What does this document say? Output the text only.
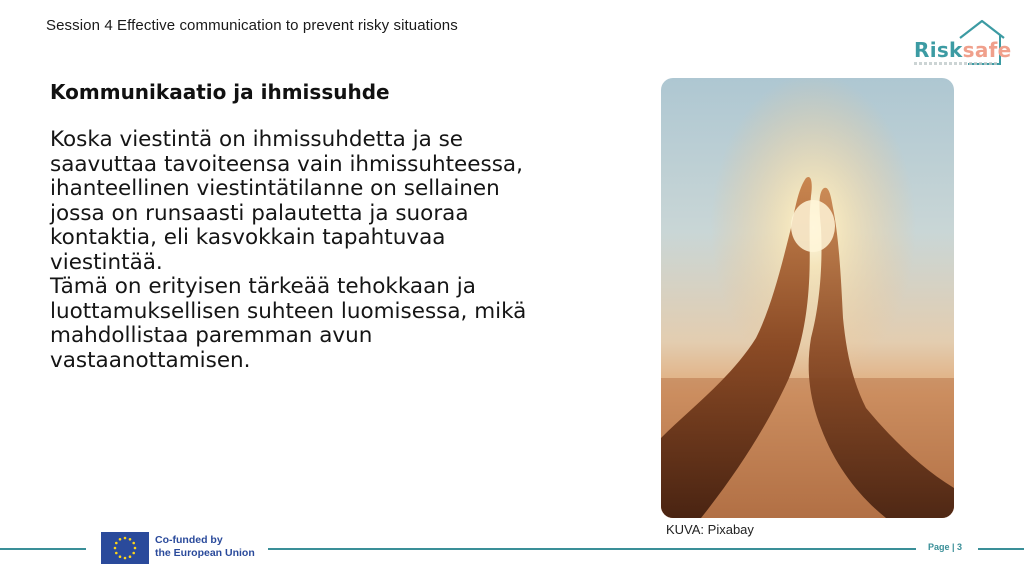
Session 4 Effective communication to prevent risky situations
Risksafe
Kommunikaatio ja ihmissuhde
Koska viestintä on ihmissuhdetta ja se
saavuttaa tavoiteensa vain ihmissuhteessa,
ihanteellinen viestintätilanne on sellainen
jossa on runsaasti palautetta ja suoraa
kontaktia, eli kasvokkain tapahtuvaa viestintää.
Tämä on erityisen tärkeää tehokkaan ja
luottamuksellisen suhteen luomisessa, mikä
mahdollistaa paremman avun
vastaanottamisen.
KUVA: Pixabay
Co-funded by
the European Union	Page | 3
